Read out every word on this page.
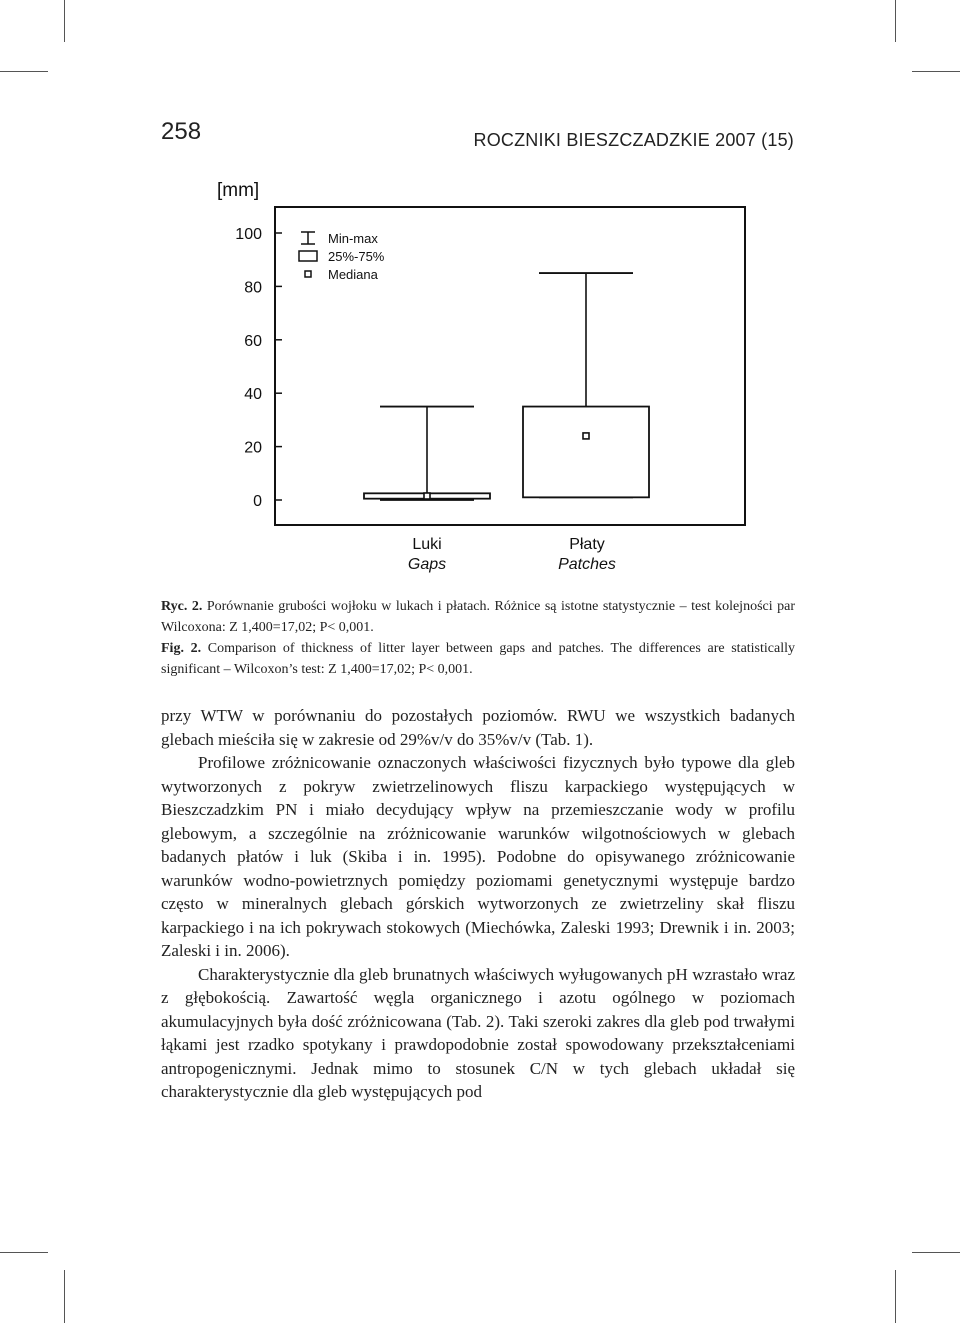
258	ROCZNIKI BIESZCZADZKIE 2007 (15)
[mm]
100
80
60
40
20
0
Min-max
25%-75%
Mediana
Luki
Gaps
Płaty
Patches
Ryc. 2. Porównanie grubości wojłoku w lukach i płatach. Różnice są istotne statystycznie – test kolejności par Wilcoxona: Z 1,400=17,02; P< 0,001.
Fig. 2. Comparison of thickness of litter layer between gaps and patches. The differences are statistically significant – Wilcoxon’s test: Z 1,400=17,02; P< 0,001.

przy WTW w porównaniu do pozostałych poziomów. RWU we wszystkich badanych glebach mieściła się w zakresie od 29%v/v do 35%v/v (Tab. 1).

Profilowe zróżnicowanie oznaczonych właściwości fizycznych było typowe dla gleb wytworzonych z pokryw zwietrzelinowych fliszu karpackiego występujących w Bieszczadzkim PN i miało decydujący wpływ na przemieszczanie wody w profilu glebowym, a szczególnie na zróżnicowanie warunków wilgotnościowych w glebach badanych płatów i luk (Skiba i in. 1995). Podobne do opisywanego zróżnicowanie warunków wodno-powietrznych pomiędzy poziomami genetycznymi występuje bardzo często w mineralnych glebach górskich wytworzonych ze zwietrzeliny skał fliszu karpackiego i na ich pokrywach stokowych (Miechówka, Zaleski 1993; Drewnik i in. 2003; Zaleski i in. 2006).

Charakterystycznie dla gleb brunatnych właściwych wyługowanych pH wzrastało wraz z głębokością. Zawartość węgla organicznego i azotu ogólnego w poziomach akumulacyjnych była dość zróżnicowana (Tab. 2). Taki szeroki zakres dla gleb pod trwałymi łąkami jest rzadko spotykany i prawdopodobnie został spowodowany przekształceniami antropogenicznymi. Jednak mimo to stosunek C/N w tych glebach układał się charakterystycznie dla gleb występujących pod
